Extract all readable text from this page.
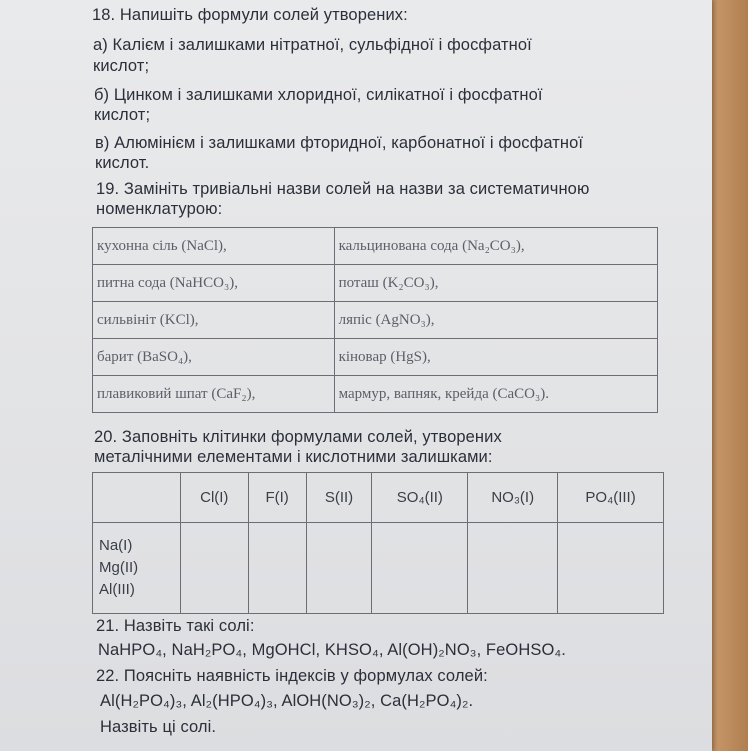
18. Напишіть формули солей утворених:
а) Калієм і залишками нітратної, сульфідної і фосфатної
кислот;
б) Цинком і залишками хлоридної, силікатної і фосфатної
кислот;
в) Алюмінієм і залишками фторидної, карбонатної і фосфатної
кислот.
19. Замініть тривіальні назви солей на назви за систематичною
номенклатурою:
кухонна сіль (NaCl),	кальцинована сода (Na₂CO₃),
питна сода (NaHCO₃),	поташ (K₂CO₃),
сильвініт (KCl),	ляпіс (AgNO₃),
барит (BaSO₄),	кіновар (HgS),
плавиковий шпат (CaF₂),	мармур, вапняк, крейда (CaCO₃).
20. Заповніть клітинки формулами солей, утворених
металічними елементами і кислотними залишками:
	Cl(I)	F(I)	S(II)	SO₄(II)	NO₃(I)	PO₄(III)

Na(I)
Mg(II)
Al(III)						

21. Назвіть такі солі:
NaHPO₄, NaH₂PO₄, MgOHCl, KHSO₄, Al(OH)₂NO₃, FeOHSO₄.
22. Поясніть наявність індексів у формулах солей:
Al(H₂PO₄)₃, Al₂(HPO₄)₃, AlOH(NO₃)₂, Ca(H₂PO₄)₂.
Назвіть ці солі.
